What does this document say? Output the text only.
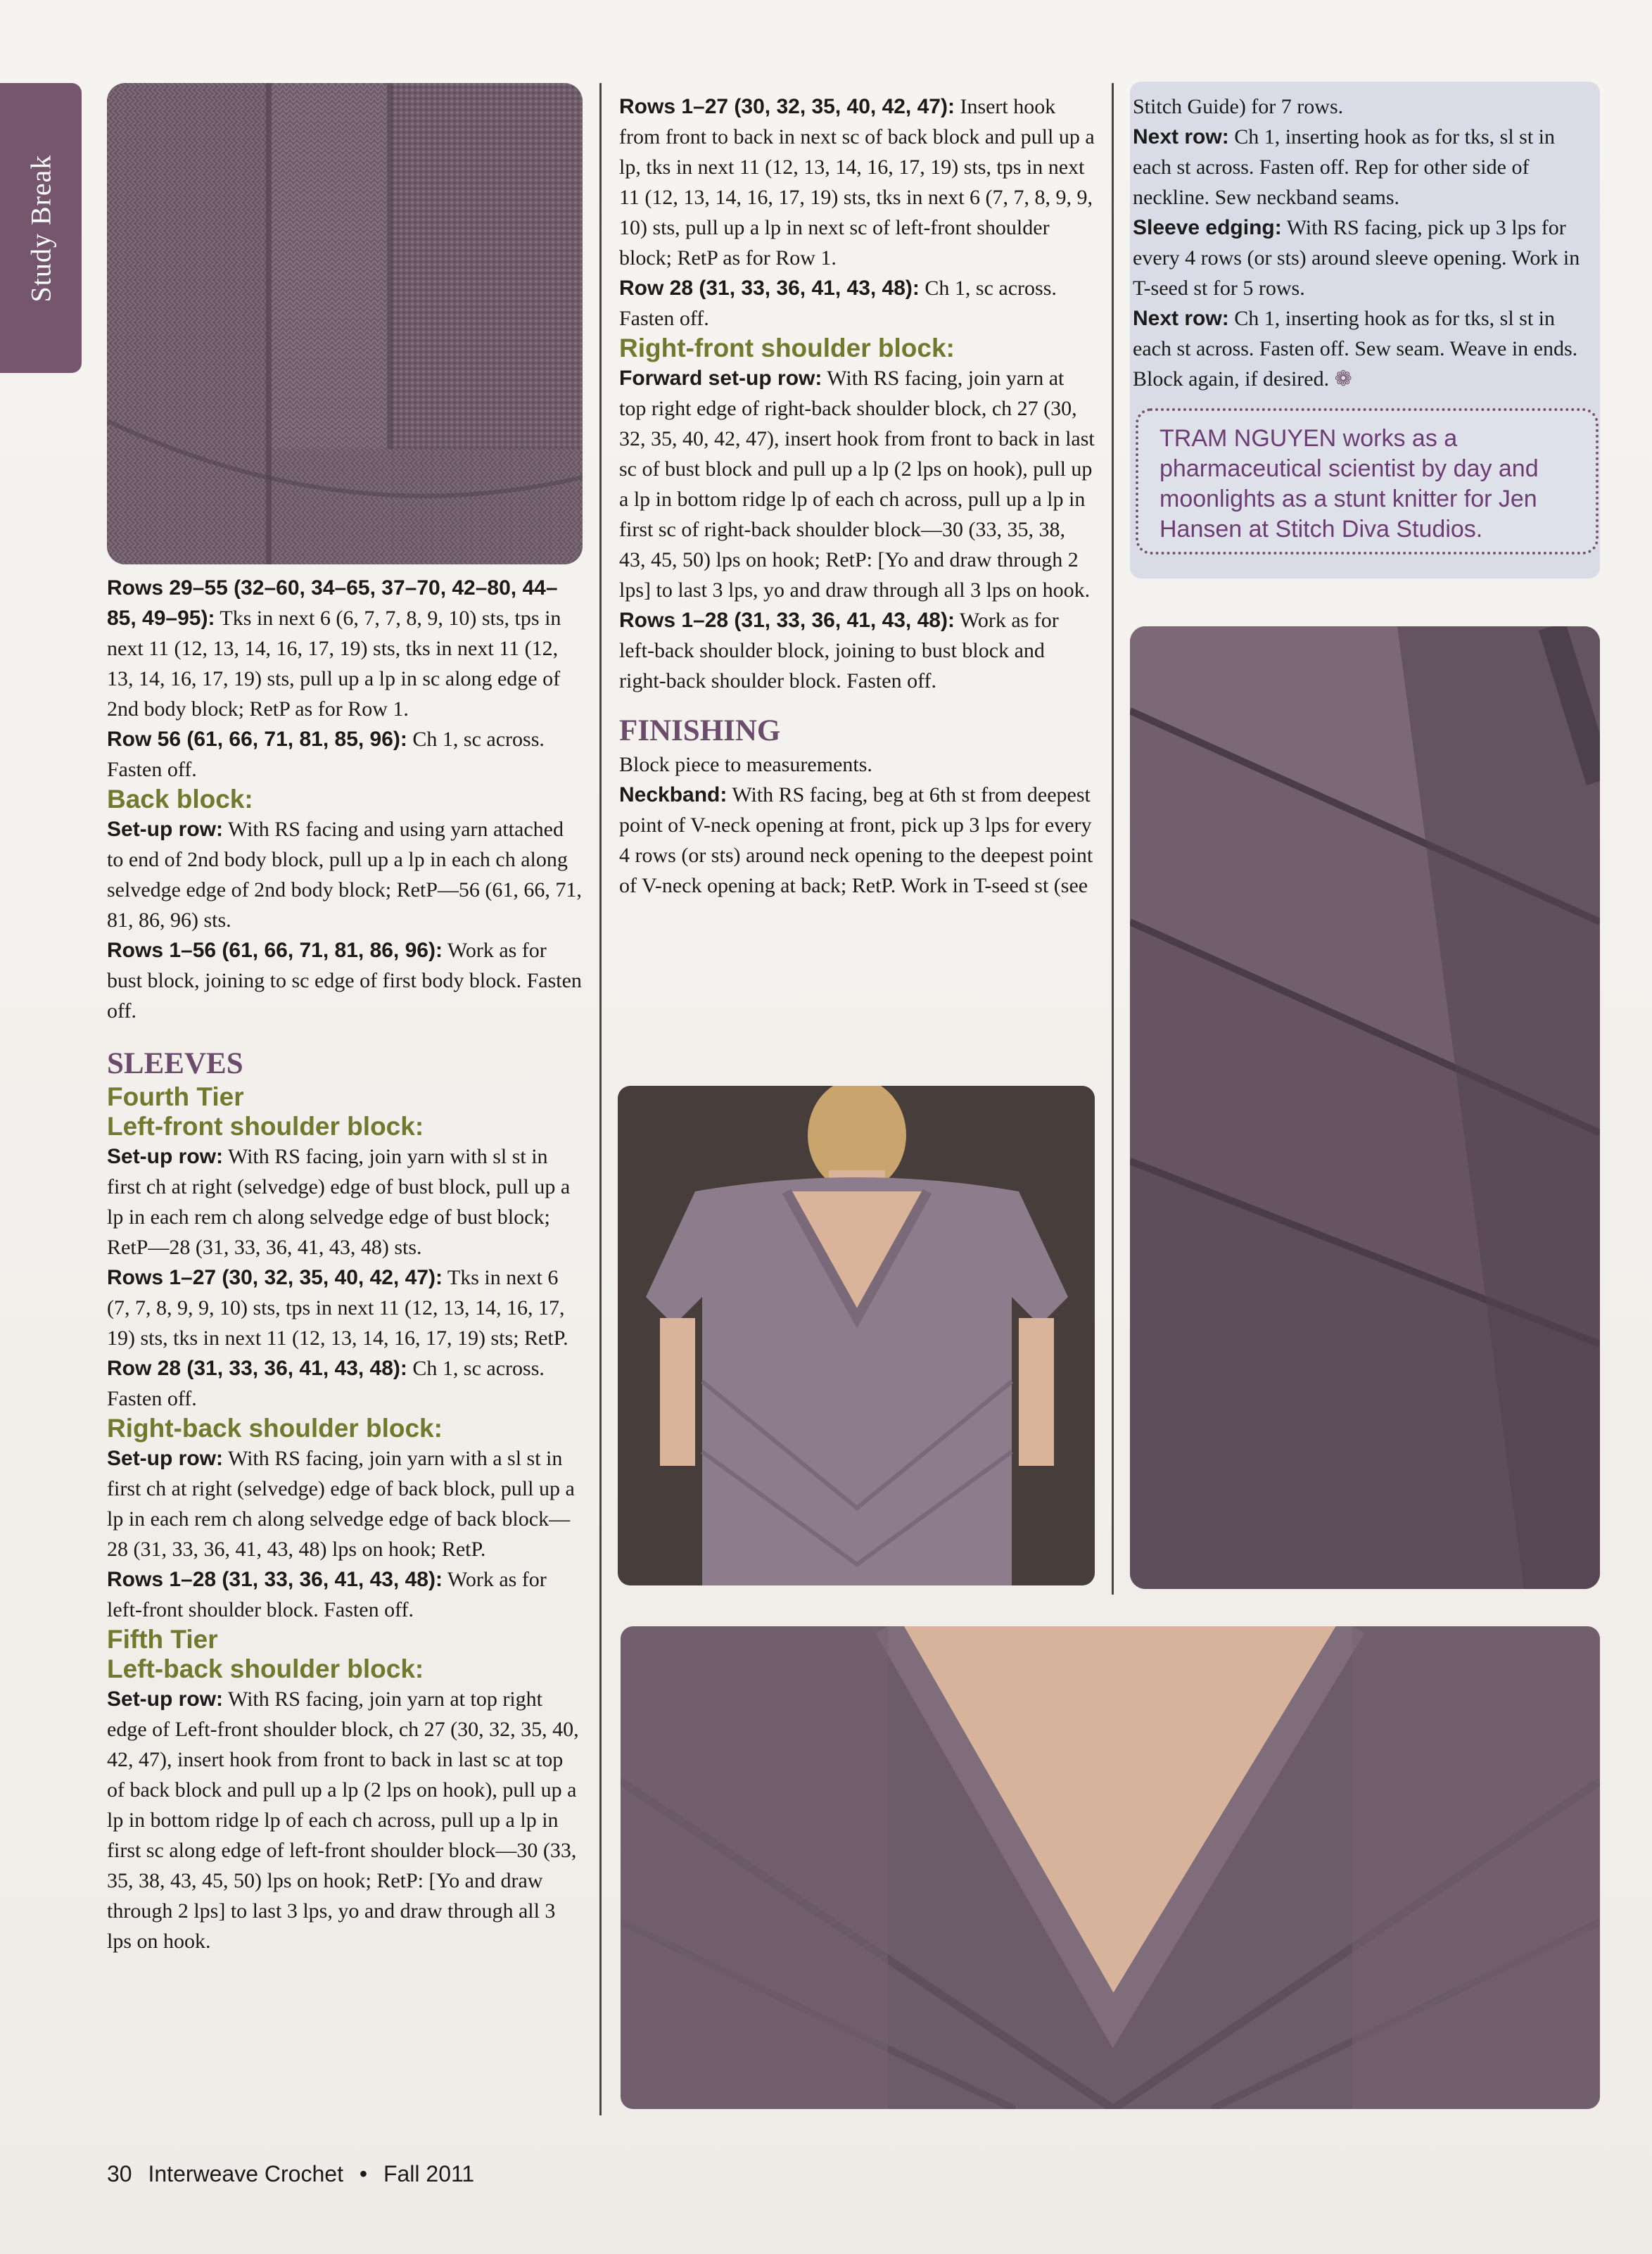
Study Break

Rows 29–55 (32–60, 34–65, 37–70, 42–80, 44–85, 49–95): Tks in next 6 (6, 7, 7, 8, 9, 10) sts, tps in next 11 (12, 13, 14, 16, 17, 19) sts, tks in next 11 (12, 13, 14, 16, 17, 19) sts, pull up a lp in sc along edge of 2nd body block; RetP as for Row 1.

Row 56 (61, 66, 71, 81, 85, 96): Ch 1, sc across. Fasten off.

Back block:

Set-up row: With RS facing and using yarn attached to end of 2nd body block, pull up a lp in each ch along selvedge edge of 2nd body block; RetP—56 (61, 66, 71, 81, 86, 96) sts.

Rows 1–56 (61, 66, 71, 81, 86, 96): Work as for bust block, joining to sc edge of first body block. Fasten off.

SLEEVES

Fourth Tier

Left-front shoulder block:

Set-up row: With RS facing, join yarn with sl st in first ch at right (selvedge) edge of bust block, pull up a lp in each rem ch along selvedge edge of bust block; RetP—28 (31, 33, 36, 41, 43, 48) sts.

Rows 1–27 (30, 32, 35, 40, 42, 47): Tks in next 6 (7, 7, 8, 9, 9, 10) sts, tps in next 11 (12, 13, 14, 16, 17, 19) sts, tks in next 11 (12, 13, 14, 16, 17, 19) sts; RetP.

Row 28 (31, 33, 36, 41, 43, 48): Ch 1, sc across. Fasten off.

Right-back shoulder block:

Set-up row: With RS facing, join yarn with a sl st in first ch at right (selvedge) edge of back block, pull up a lp in each rem ch along selvedge edge of back block—28 (31, 33, 36, 41, 43, 48) lps on hook; RetP.

Rows 1–28 (31, 33, 36, 41, 43, 48): Work as for left-front shoulder block. Fasten off.

Fifth Tier

Left-back shoulder block:

Set-up row: With RS facing, join yarn at top right edge of Left-front shoulder block, ch 27 (30, 32, 35, 40, 42, 47), insert hook from front to back in last sc at top of back block and pull up a lp (2 lps on hook), pull up a lp in bottom ridge lp of each ch across, pull up a lp in first sc along edge of left-front shoulder block—30 (33, 35, 38, 43, 45, 50) lps on hook; RetP: [Yo and draw through 2 lps] to last 3 lps, yo and draw through all 3 lps on hook.

Rows 1–27 (30, 32, 35, 40, 42, 47): Insert hook from front to back in next sc of back block and pull up a lp, tks in next 11 (12, 13, 14, 16, 17, 19) sts, tps in next 11 (12, 13, 14, 16, 17, 19) sts, tks in next 6 (7, 7, 8, 9, 9, 10) sts, pull up a lp in next sc of left-front shoulder block; RetP as for Row 1.

Row 28 (31, 33, 36, 41, 43, 48): Ch 1, sc across. Fasten off.

Right-front shoulder block:

Forward set-up row: With RS facing, join yarn at top right edge of right-back shoulder block, ch 27 (30, 32, 35, 40, 42, 47), insert hook from front to back in last sc of bust block and pull up a lp (2 lps on hook), pull up a lp in bottom ridge lp of each ch across, pull up a lp in first sc of right-back shoulder block—30 (33, 35, 38, 43, 45, 50) lps on hook; RetP: [Yo and draw through 2 lps] to last 3 lps, yo and draw through all 3 lps on hook.

Rows 1–28 (31, 33, 36, 41, 43, 48): Work as for left-back shoulder block, joining to bust block and right-back shoulder block. Fasten off.

FINISHING

Block piece to measurements.

Neckband: With RS facing, beg at 6th st from deepest point of V-neck opening at front, pick up 3 lps for every 4 rows (or sts) around neck opening to the deepest point of V-neck opening at back; RetP. Work in T-seed st (see

Stitch Guide) for 7 rows.

Next row: Ch 1, inserting hook as for tks, sl st in each st across. Fasten off. Rep for other side of neckline. Sew neckband seams.

Sleeve edging: With RS facing, pick up 3 lps for every 4 rows (or sts) around sleeve opening. Work in T-seed st for 5 rows.

Next row: Ch 1, inserting hook as for tks, sl st in each st across. Fasten off. Sew seam. Weave in ends. Block again, if desired. ❁

TRAM NGUYEN works as a pharmaceutical scientist by day and moonlights as a stunt knitter for Jen Hansen at Stitch Diva Studios.
30 Interweave Crochet • Fall 2011
